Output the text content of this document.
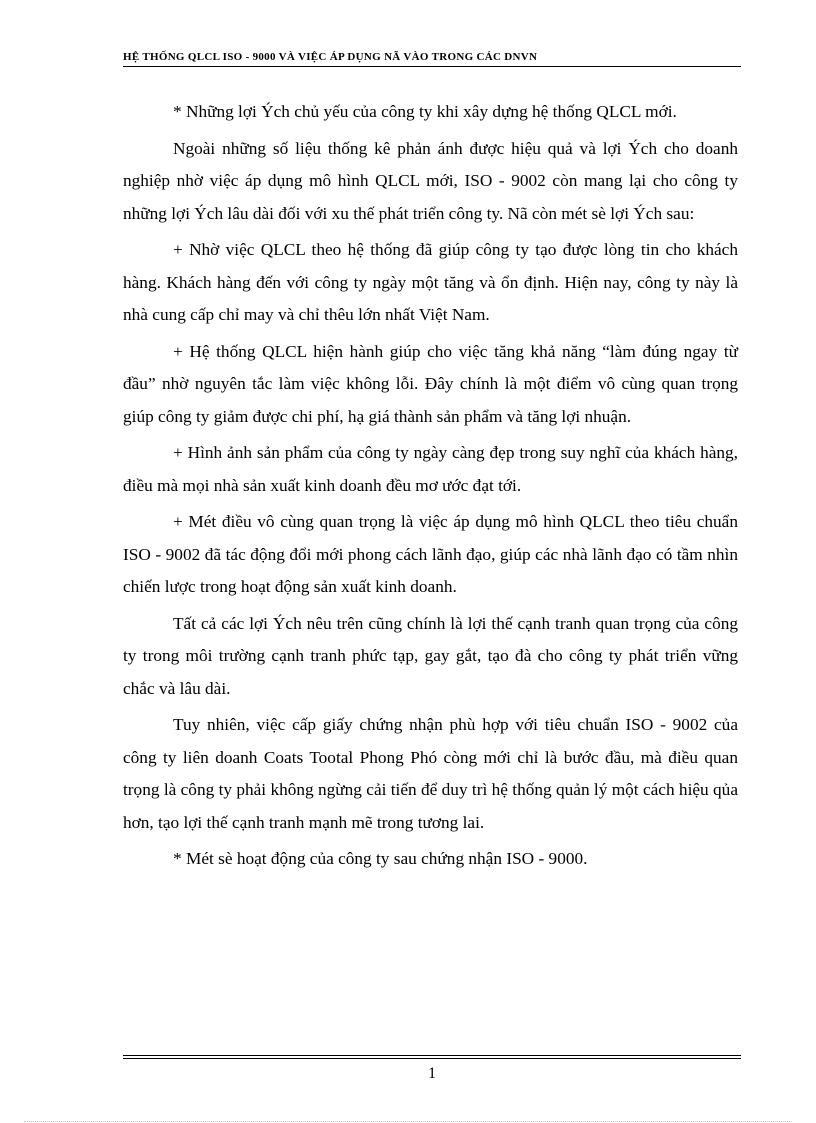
HỆ THỐNG QLCL ISO - 9000 VÀ VIỆC ÁP DỤNG NÃ VÀO TRONG CÁC DNVN

* Những lợi Ých chủ yếu của công ty khi xây dựng hệ thống QLCL mới.

Ngoài những số liệu thống kê phản ánh được hiệu quả và lợi Ých cho doanh nghiệp nhờ việc áp dụng mô hình QLCL mới, ISO - 9002 còn mang lại cho công ty những lợi Ých lâu dài đối với xu thế phát triển công ty. Nã còn mét sè lợi Ých sau:

+ Nhờ việc QLCL theo hệ thống đã giúp công ty tạo được lòng tin cho khách hàng. Khách hàng đến với công ty ngày một tăng và ổn định. Hiện nay, công ty này là nhà cung cấp chỉ may và chỉ thêu lớn nhất Việt Nam.

+ Hệ thống QLCL hiện hành giúp cho việc tăng khả năng “làm đúng ngay từ đầu” nhờ nguyên tắc làm việc không lỗi. Đây chính là một điểm vô cùng quan trọng giúp công ty giảm được chi phí, hạ giá thành sản phẩm và tăng lợi nhuận.

+ Hình ảnh sản phẩm của công ty ngày càng đẹp trong suy nghĩ của khách hàng, điều mà mọi nhà sản xuất kinh doanh đều mơ ước đạt tới.

+ Mét điều vô cùng quan trọng là việc áp dụng mô hình QLCL theo tiêu chuẩn ISO - 9002 đã tác động đổi mới phong cách lãnh đạo, giúp các nhà lãnh đạo có tầm nhìn chiến lược trong hoạt động sản xuất kinh doanh.

Tất cả các lợi Ých nêu trên cũng chính là lợi thế cạnh tranh quan trọng của công ty trong môi trường cạnh tranh phức tạp, gay gắt, tạo đà cho công ty phát triển vững chắc và lâu dài.

Tuy nhiên, việc cấp giấy chứng nhận phù hợp với tiêu chuẩn ISO - 9002 của công ty liên doanh Coats Tootal Phong Phó còng mới chỉ là bước đầu, mà điều quan trọng là công ty phải không ngừng cải tiến để duy trì hệ thống quản lý một cách hiệu qủa hơn, tạo lợi thế cạnh tranh mạnh mẽ trong tương lai.

* Mét sè hoạt động của công ty sau chứng nhận ISO - 9000.

1
